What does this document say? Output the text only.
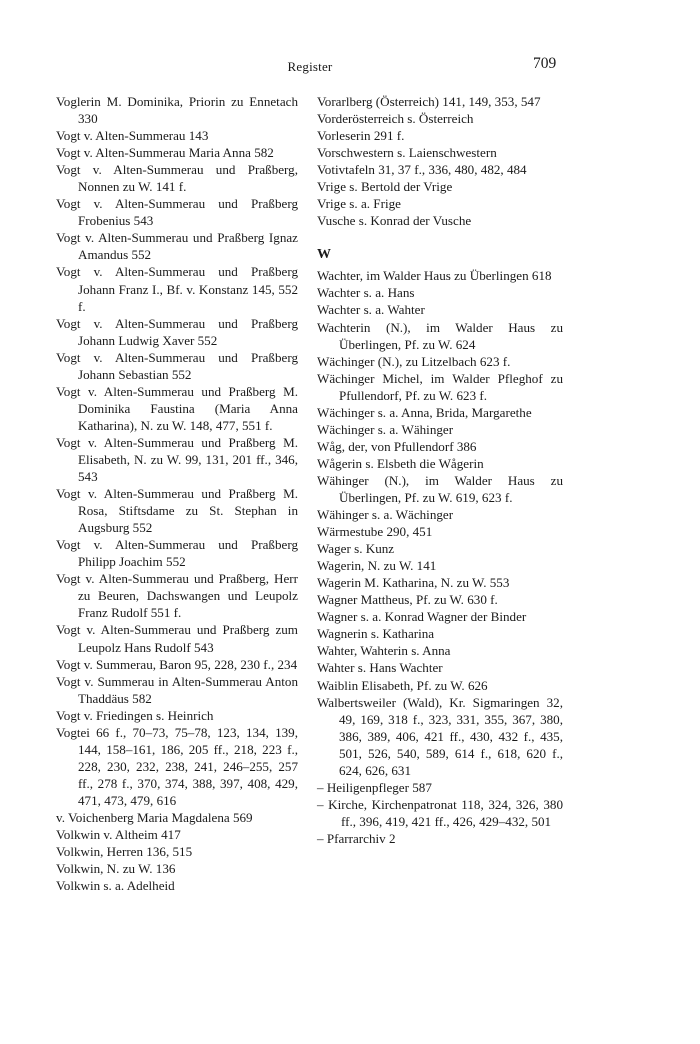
Register	709

Voglerin M. Dominika, Priorin zu Ennetach 330

Vogt v. Alten-Summerau 143

Vogt v. Alten-Summerau Maria Anna 582

Vogt v. Alten-Summerau und Praßberg, Nonnen zu W. 141 f.

Vogt v. Alten-Summerau und Praßberg Frobenius 543

Vogt v. Alten-Summerau und Praßberg Ignaz Amandus 552

Vogt v. Alten-Summerau und Praßberg Johann Franz I., Bf. v. Konstanz 145, 552 f.

Vogt v. Alten-Summerau und Praßberg Johann Ludwig Xaver 552

Vogt v. Alten-Summerau und Praßberg Johann Sebastian 552

Vogt v. Alten-Summerau und Praßberg M. Dominika Faustina (Maria Anna Katharina), N. zu W. 148, 477, 551 f.

Vogt v. Alten-Summerau und Praßberg M. Elisabeth, N. zu W. 99, 131, 201 ff., 346, 543

Vogt v. Alten-Summerau und Praßberg M. Rosa, Stiftsdame zu St. Stephan in Augsburg 552

Vogt v. Alten-Summerau und Praßberg Philipp Joachim 552

Vogt v. Alten-Summerau und Praßberg, Herr zu Beuren, Dachswangen und Leupolz Franz Rudolf 551 f.

Vogt v. Alten-Summerau und Praßberg zum Leupolz Hans Rudolf 543

Vogt v. Summerau, Baron 95, 228, 230 f., 234

Vogt v. Summerau in Alten-Summerau Anton Thaddäus 582

Vogt v. Friedingen s. Heinrich

Vogtei 66 f., 70–73, 75–78, 123, 134, 139, 144, 158–161, 186, 205 ff., 218, 223 f., 228, 230, 232, 238, 241, 246–255, 257 ff., 278 f., 370, 374, 388, 397, 408, 429, 471, 473, 479, 616

v. Voichenberg Maria Magdalena 569

Volkwin v. Altheim 417

Volkwin, Herren 136, 515

Volkwin, N. zu W. 136

Volkwin s. a. Adelheid

Vorarlberg (Österreich) 141, 149, 353, 547

Vorderösterreich s. Österreich

Vorleserin 291 f.

Vorschwestern s. Laienschwestern

Votivtafeln 31, 37 f., 336, 480, 482, 484

Vrige s. Bertold der Vrige

Vrige s. a. Frige

Vusche s. Konrad der Vusche

W

Wachter, im Walder Haus zu Überlingen 618

Wachter s. a. Hans

Wachter s. a. Wahter

Wachterin (N.), im Walder Haus zu Überlingen, Pf. zu W. 624

Wächinger (N.), zu Litzelbach 623 f.

Wächinger Michel, im Walder Pfleghof zu Pfullendorf, Pf. zu W. 623 f.

Wächinger s. a. Anna, Brida, Margarethe

Wächinger s. a. Wähinger

Wåg, der, von Pfullendorf 386

Wågerin s. Elsbeth die Wågerin

Wähinger (N.), im Walder Haus zu Überlingen, Pf. zu W. 619, 623 f.

Wähinger s. a. Wächinger

Wärmestube 290, 451

Wager s. Kunz

Wagerin, N. zu W. 141

Wagerin M. Katharina, N. zu W. 553

Wagner Mattheus, Pf. zu W. 630 f.

Wagner s. a. Konrad Wagner der Binder

Wagnerin s. Katharina

Wahter, Wahterin s. Anna

Wahter s. Hans Wachter

Waiblin Elisabeth, Pf. zu W. 626

Walbertsweiler (Wald), Kr. Sigmaringen 32, 49, 169, 318 f., 323, 331, 355, 367, 380, 386, 389, 406, 421 ff., 430, 432 f., 435, 501, 526, 540, 589, 614 f., 618, 620 f., 624, 626, 631

– Heiligenpfleger 587

– Kirche, Kirchenpatronat 118, 324, 326, 380 ff., 396, 419, 421 ff., 426, 429–432, 501

– Pfarrarchiv 2
